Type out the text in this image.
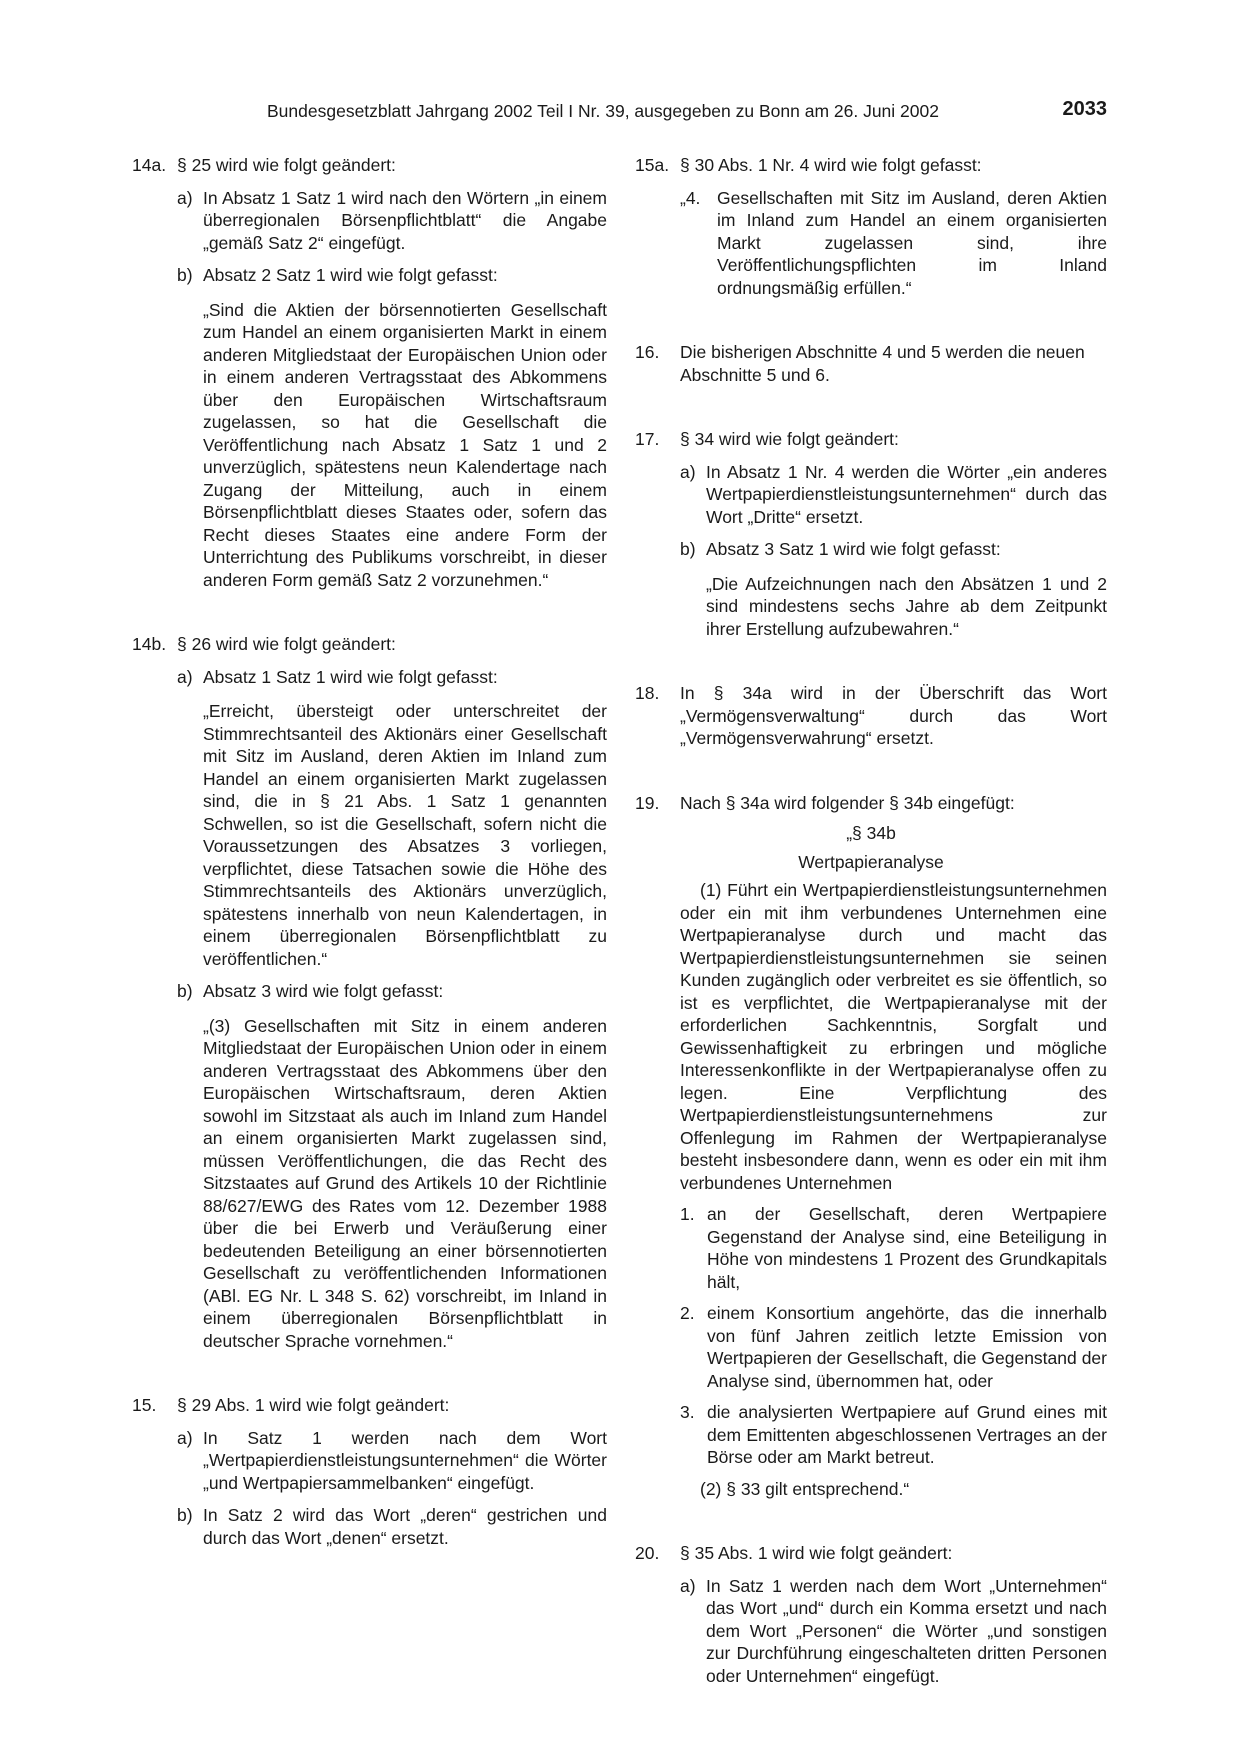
Bundesgesetzblatt Jahrgang 2002 Teil I Nr. 39, ausgegeben zu Bonn am 26. Juni 2002	2033
14a. § 25 wird wie folgt geändert:
a) In Absatz 1 Satz 1 wird nach den Wörtern „in einem überregionalen Börsenpflichtblatt“ die Angabe „gemäß Satz 2“ eingefügt.
b) Absatz 2 Satz 1 wird wie folgt gefasst:
„Sind die Aktien der börsennotierten Gesellschaft zum Handel an einem organisierten Markt in einem anderen Mitgliedstaat der Europäischen Union oder in einem anderen Vertragsstaat des Abkommens über den Europäischen Wirtschaftsraum zugelassen, so hat die Gesellschaft die Veröffentlichung nach Absatz 1 Satz 1 und 2 unverzüglich, spätestens neun Kalendertage nach Zugang der Mitteilung, auch in einem Börsenpflichtblatt dieses Staates oder, sofern das Recht dieses Staates eine andere Form der Unterrichtung des Publikums vorschreibt, in dieser anderen Form gemäß Satz 2 vorzunehmen.“
14b. § 26 wird wie folgt geändert:
a) Absatz 1 Satz 1 wird wie folgt gefasst:
„Erreicht, übersteigt oder unterschreitet der Stimmrechtsanteil des Aktionärs einer Gesellschaft mit Sitz im Ausland, deren Aktien im Inland zum Handel an einem organisierten Markt zugelassen sind, die in § 21 Abs. 1 Satz 1 genannten Schwellen, so ist die Gesellschaft, sofern nicht die Voraussetzungen des Absatzes 3 vorliegen, verpflichtet, diese Tatsachen sowie die Höhe des Stimmrechtsanteils des Aktionärs unverzüglich, spätestens innerhalb von neun Kalendertagen, in einem überregionalen Börsenpflichtblatt zu veröffentlichen.“
b) Absatz 3 wird wie folgt gefasst:
„(3) Gesellschaften mit Sitz in einem anderen Mitgliedstaat der Europäischen Union oder in einem anderen Vertragsstaat des Abkommens über den Europäischen Wirtschaftsraum, deren Aktien sowohl im Sitzstaat als auch im Inland zum Handel an einem organisierten Markt zugelassen sind, müssen Veröffentlichungen, die das Recht des Sitzstaates auf Grund des Artikels 10 der Richtlinie 88/627/EWG des Rates vom 12. Dezember 1988 über die bei Erwerb und Veräußerung einer bedeutenden Beteiligung an einer börsennotierten Gesellschaft zu veröffentlichenden Informationen (ABl. EG Nr. L 348 S. 62) vorschreibt, im Inland in einem überregionalen Börsenpflichtblatt in deutscher Sprache vornehmen.“
15. § 29 Abs. 1 wird wie folgt geändert:
a) In Satz 1 werden nach dem Wort „Wertpapierdienstleistungsunternehmen“ die Wörter „und Wertpapiersammelbanken“ eingefügt.
b) In Satz 2 wird das Wort „deren“ gestrichen und durch das Wort „denen“ ersetzt.
15a. § 30 Abs. 1 Nr. 4 wird wie folgt gefasst:
„4. Gesellschaften mit Sitz im Ausland, deren Aktien im Inland zum Handel an einem organisierten Markt zugelassen sind, ihre Veröffentlichungspflichten im Inland ordnungsmäßig erfüllen.“
16. Die bisherigen Abschnitte 4 und 5 werden die neuen Abschnitte 5 und 6.
17. § 34 wird wie folgt geändert:
a) In Absatz 1 Nr. 4 werden die Wörter „ein anderes Wertpapierdienstleistungsunternehmen“ durch das Wort „Dritte“ ersetzt.
b) Absatz 3 Satz 1 wird wie folgt gefasst:
„Die Aufzeichnungen nach den Absätzen 1 und 2 sind mindestens sechs Jahre ab dem Zeitpunkt ihrer Erstellung aufzubewahren.“
18. In § 34a wird in der Überschrift das Wort „Vermögensverwaltung“ durch das Wort „Vermögensverwahrung“ ersetzt.
19. Nach § 34a wird folgender § 34b eingefügt:
„§ 34b
Wertpapieranalyse
(1) Führt ein Wertpapierdienstleistungsunternehmen oder ein mit ihm verbundenes Unternehmen eine Wertpapieranalyse durch und macht das Wertpapierdienstleistungsunternehmen sie seinen Kunden zugänglich oder verbreitet es sie öffentlich, so ist es verpflichtet, die Wertpapieranalyse mit der erforderlichen Sachkenntnis, Sorgfalt und Gewissenhaftigkeit zu erbringen und mögliche Interessenkonflikte in der Wertpapieranalyse offen zu legen. Eine Verpflichtung des Wertpapierdienstleistungsunternehmens zur Offenlegung im Rahmen der Wertpapieranalyse besteht insbesondere dann, wenn es oder ein mit ihm verbundenes Unternehmen
1. an der Gesellschaft, deren Wertpapiere Gegenstand der Analyse sind, eine Beteiligung in Höhe von mindestens 1 Prozent des Grundkapitals hält,
2. einem Konsortium angehörte, das die innerhalb von fünf Jahren zeitlich letzte Emission von Wertpapieren der Gesellschaft, die Gegenstand der Analyse sind, übernommen hat, oder
3. die analysierten Wertpapiere auf Grund eines mit dem Emittenten abgeschlossenen Vertrages an der Börse oder am Markt betreut.
(2) § 33 gilt entsprechend.“
20. § 35 Abs. 1 wird wie folgt geändert:
a) In Satz 1 werden nach dem Wort „Unternehmen“ das Wort „und“ durch ein Komma ersetzt und nach dem Wort „Personen“ die Wörter „und sonstigen zur Durchführung eingeschalteten dritten Personen oder Unternehmen“ eingefügt.
